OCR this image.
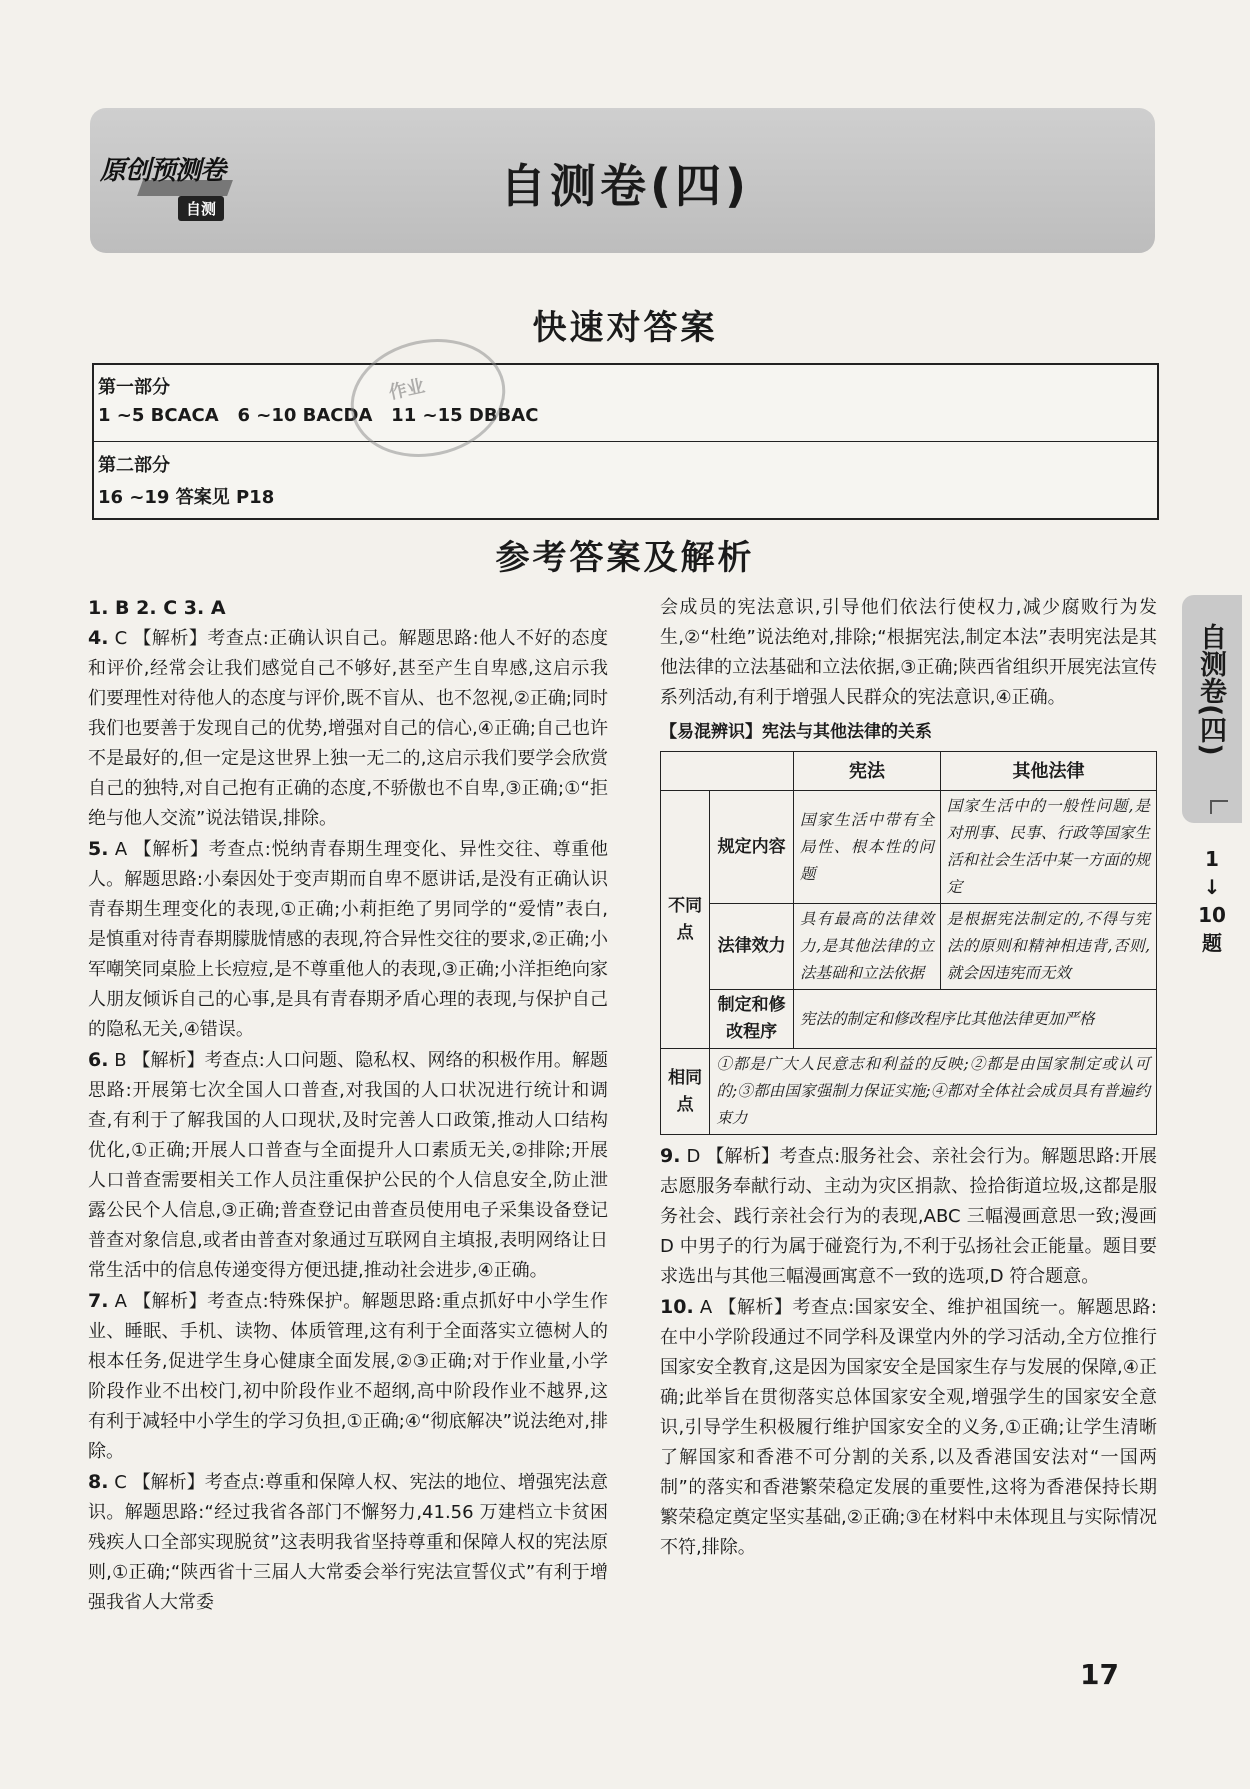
原创预测卷
自测	自测卷(四)
快速对答案
第一部分
1 ~5 BCACA   6 ~10 BACDA   11 ~15 DBBAC
第二部分
16 ~19 答案见 P18
作业
参考答案及解析

1. B 2. C 3. A

4. C 【解析】考查点:正确认识自己。解题思路:他人不好的态度和评价,经常会让我们感觉自己不够好,甚至产生自卑感,这启示我们要理性对待他人的态度与评价,既不盲从、也不忽视,②正确;同时我们也要善于发现自己的优势,增强对自己的信心,④正确;自己也许不是最好的,但一定是这世界上独一无二的,这启示我们要学会欣赏自己的独特,对自己抱有正确的态度,不骄傲也不自卑,③正确;①“拒绝与他人交流”说法错误,排除。

5. A 【解析】考查点:悦纳青春期生理变化、异性交往、尊重他人。解题思路:小秦因处于变声期而自卑不愿讲话,是没有正确认识青春期生理变化的表现,①正确;小莉拒绝了男同学的“爱情”表白,是慎重对待青春期朦胧情感的表现,符合异性交往的要求,②正确;小军嘲笑同桌脸上长痘痘,是不尊重他人的表现,③正确;小洋拒绝向家人朋友倾诉自己的心事,是具有青春期矛盾心理的表现,与保护自己的隐私无关,④错误。

6. B 【解析】考查点:人口问题、隐私权、网络的积极作用。解题思路:开展第七次全国人口普查,对我国的人口状况进行统计和调查,有利于了解我国的人口现状,及时完善人口政策,推动人口结构优化,①正确;开展人口普查与全面提升人口素质无关,②排除;开展人口普查需要相关工作人员注重保护公民的个人信息安全,防止泄露公民个人信息,③正确;普查登记由普查员使用电子采集设备登记普查对象信息,或者由普查对象通过互联网自主填报,表明网络让日常生活中的信息传递变得方便迅捷,推动社会进步,④正确。

7. A 【解析】考查点:特殊保护。解题思路:重点抓好中小学生作业、睡眠、手机、读物、体质管理,这有利于全面落实立德树人的根本任务,促进学生身心健康全面发展,②③正确;对于作业量,小学阶段作业不出校门,初中阶段作业不超纲,高中阶段作业不越界,这有利于减轻中小学生的学习负担,①正确;④“彻底解决”说法绝对,排除。

8. C 【解析】考查点:尊重和保障人权、宪法的地位、增强宪法意识。解题思路:“经过我省各部门不懈努力,41.56 万建档立卡贫困残疾人口全部实现脱贫”这表明我省坚持尊重和保障人权的宪法原则,①正确;“陕西省十三届人大常委会举行宪法宣誓仪式”有利于增强我省人大常委

会成员的宪法意识,引导他们依法行使权力,减少腐败行为发生,②“杜绝”说法绝对,排除;“根据宪法,制定本法”表明宪法是其他法律的立法基础和立法依据,③正确;陕西省组织开展宪法宣传系列活动,有利于增强人民群众的宪法意识,④正确。

【易混辨识】宪法与其他法律的关系
		宪法	其他法律
不同点	规定内容	国家生活中带有全局性、根本性的问题	国家生活中的一般性问题,是对刑事、民事、行政等国家生活和社会生活中某一方面的规定
	法律效力	具有最高的法律效力,是其他法律的立法基础和立法依据	是根据宪法制定的,不得与宪法的原则和精神相违背,否则,就会因违宪而无效
	制定和修改程序	宪法的制定和修改程序比其他法律更加严格	
相同点	①都是广大人民意志和利益的反映;②都是由国家制定或认可的;③都由国家强制力保证实施;④都对全体社会成员具有普遍约束力		

9. D 【解析】考查点:服务社会、亲社会行为。解题思路:开展志愿服务奉献行动、主动为灾区捐款、捡拾街道垃圾,这都是服务社会、践行亲社会行为的表现,ABC 三幅漫画意思一致;漫画 D 中男子的行为属于碰瓷行为,不利于弘扬社会正能量。题目要求选出与其他三幅漫画寓意不一致的选项,D 符合题意。

10. A 【解析】考查点:国家安全、维护祖国统一。解题思路:在中小学阶段通过不同学科及课堂内外的学习活动,全方位推行国家安全教育,这是因为国家安全是国家生存与发展的保障,④正确;此举旨在贯彻落实总体国家安全观,增强学生的国家安全意识,引导学生积极履行维护国家安全的义务,①正确;让学生清晰了解国家和香港不可分割的关系,以及香港国安法对“一国两制”的落实和香港繁荣稳定发展的重要性,这将为香港保持长期繁荣稳定奠定坚实基础,②正确;③在材料中未体现且与实际情况不符,排除。

自测卷(四)
1
↓
10
题
17
